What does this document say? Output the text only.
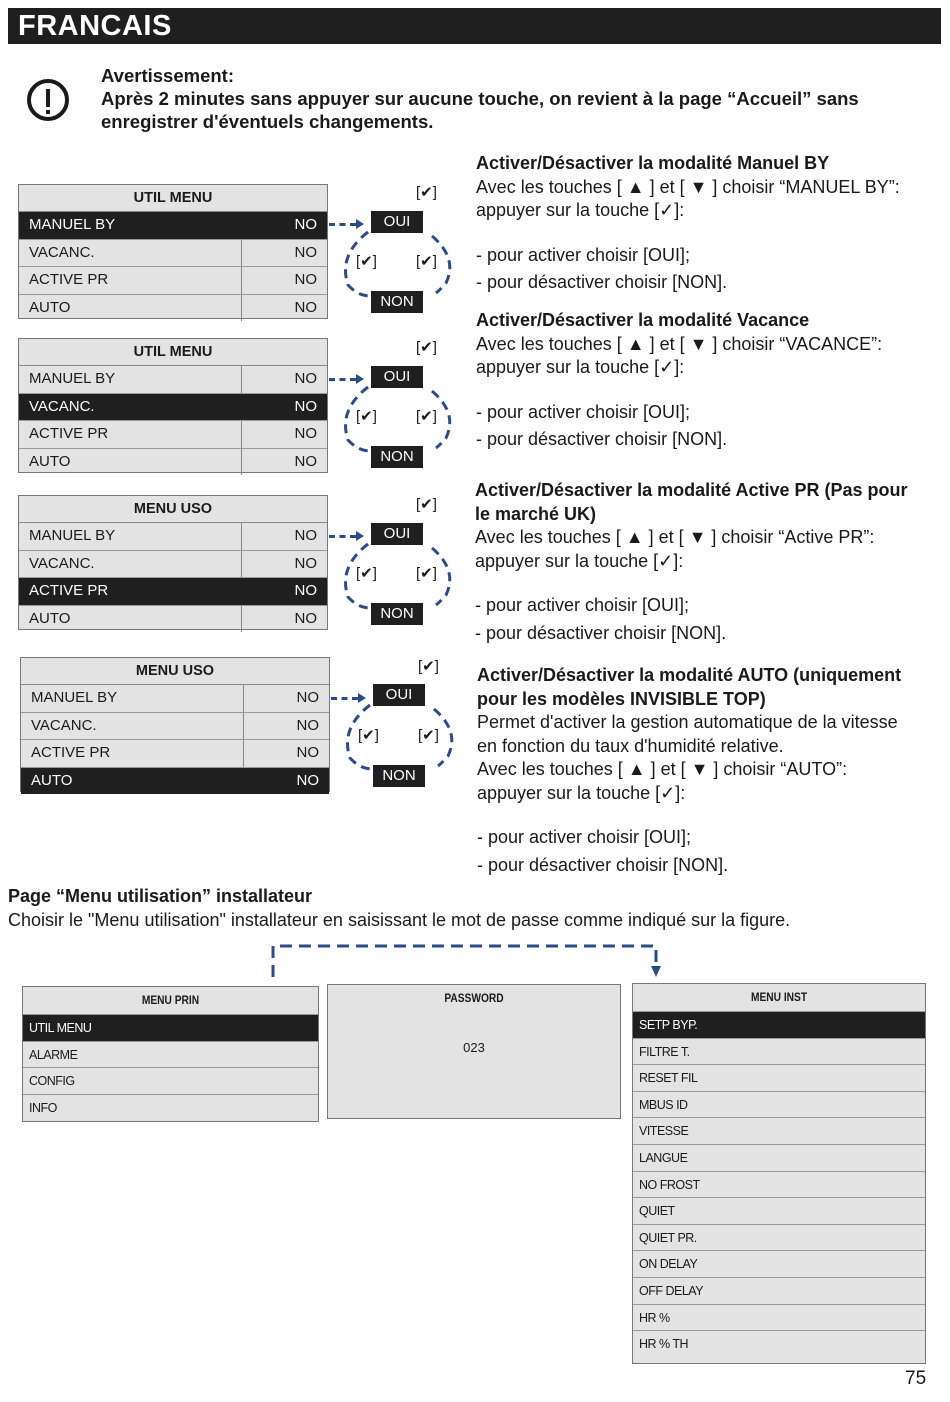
FRANCAIS
Avertissement:
Après 2 minutes sans appuyer sur aucune touche, on revient à la page “Accueil” sans
enregistrer d'éventuels changements.
UTIL MENU
MANUEL BY	NO
VACANC.	NO
ACTIVE PR	NO
AUTO	NO
UTIL MENU
MANUEL BY	NO
VACANC.	NO
ACTIVE PR	NO
AUTO	NO
MENU USO
MANUEL BY	NO
VACANC.	NO
ACTIVE PR	NO
AUTO	NO
MENU USO
MANUEL BY	NO
VACANC.	NO
ACTIVE PR	NO
AUTO	NO
[✔]
OUI
NON
[✔]	[✔]
[✔]
OUI
NON
[✔]	[✔]
[✔]
OUI
NON
[✔]	[✔]
[✔]
OUI
NON
[✔]	[✔]
Activer/Désactiver la modalité Manuel BY
Avec les touches [ ▲ ] et [ ▼ ] choisir “MANUEL BY”:
appuyer sur la touche [✓]:
- pour activer choisir [OUI];
- pour désactiver choisir [NON].
Activer/Désactiver la modalité Vacance
Avec les touches [ ▲ ] et [ ▼ ] choisir “VACANCE”:
appuyer sur la touche [✓]:
- pour activer choisir [OUI];
- pour désactiver choisir [NON].
Activer/Désactiver la modalité Active PR (Pas pour
le marché UK)
Avec les touches [ ▲ ] et [ ▼ ] choisir “Active PR”:
appuyer sur la touche [✓]:
- pour activer choisir [OUI];
- pour désactiver choisir [NON].
Activer/Désactiver la modalité AUTO (uniquement
pour les modèles INVISIBLE TOP)
Permet d'activer la gestion automatique de la vitesse
en fonction du taux d'humidité relative.
Avec les touches [ ▲ ] et [ ▼ ] choisir “AUTO”:
appuyer sur la touche [✓]:
- pour activer choisir [OUI];
- pour désactiver choisir [NON].
Page “Menu utilisation” installateur
Choisir le "Menu utilisation" installateur en saisissant le mot de passe comme indiqué sur la figure.
MENU PRIN
UTIL MENU
ALARME
CONFIG
INFO
PASSWORD
023
MENU INST
SETP BYP.
FILTRE T.
RESET FIL
MBUS ID
VITESSE
LANGUE
NO FROST
QUIET
QUIET PR.
ON DELAY
OFF DELAY
HR %
HR % TH
75
